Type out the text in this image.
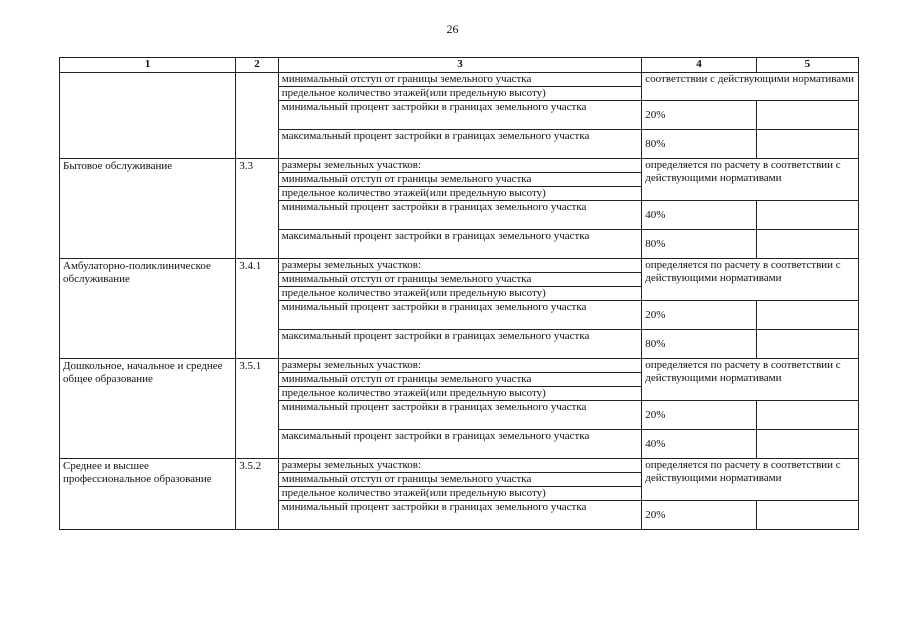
26
1	2	3	4	5
		минимальный отступ от границы земельного участка	соответствии с действующими нормативами	
		предельное количество этажей(или предельную высоту)		
		минимальный процент застройки в границах земельного участка	20%	
		максимальный процент застройки в границах земельного участка	80%	
Бытовое обслуживание	3.3	размеры земельных участков:	определяется по расчету в соответствии с действующими нормативами	
		минимальный отступ от границы земельного участка		
		предельное количество этажей(или предельную высоту)		
		минимальный процент застройки в границах земельного участка	40%	
		максимальный процент застройки в границах земельного участка	80%	
Амбулаторно-поликлиническое обслуживание	3.4.1	размеры земельных участков:	определяется по расчету в соответствии с действующими нормативами	
		минимальный отступ от границы земельного участка		
		предельное количество этажей(или предельную высоту)		
		минимальный процент застройки в границах земельного участка	20%	
		максимальный процент застройки в границах земельного участка	80%	
Дошкольное, начальное и среднее общее образование	3.5.1	размеры земельных участков:	определяется по расчету в соответствии с действующими нормативами	
		минимальный отступ от границы земельного участка		
		предельное количество этажей(или предельную высоту)		
		минимальный процент застройки в границах земельного участка	20%	
		максимальный процент застройки в границах земельного участка	40%	
Среднее и высшее профессиональное образование	3.5.2	размеры земельных участков:	определяется по расчету в соответствии с действующими нормативами	
		минимальный отступ от границы земельного участка		
		предельное количество этажей(или предельную высоту)		
		минимальный процент застройки в границах земельного участка	20%	
